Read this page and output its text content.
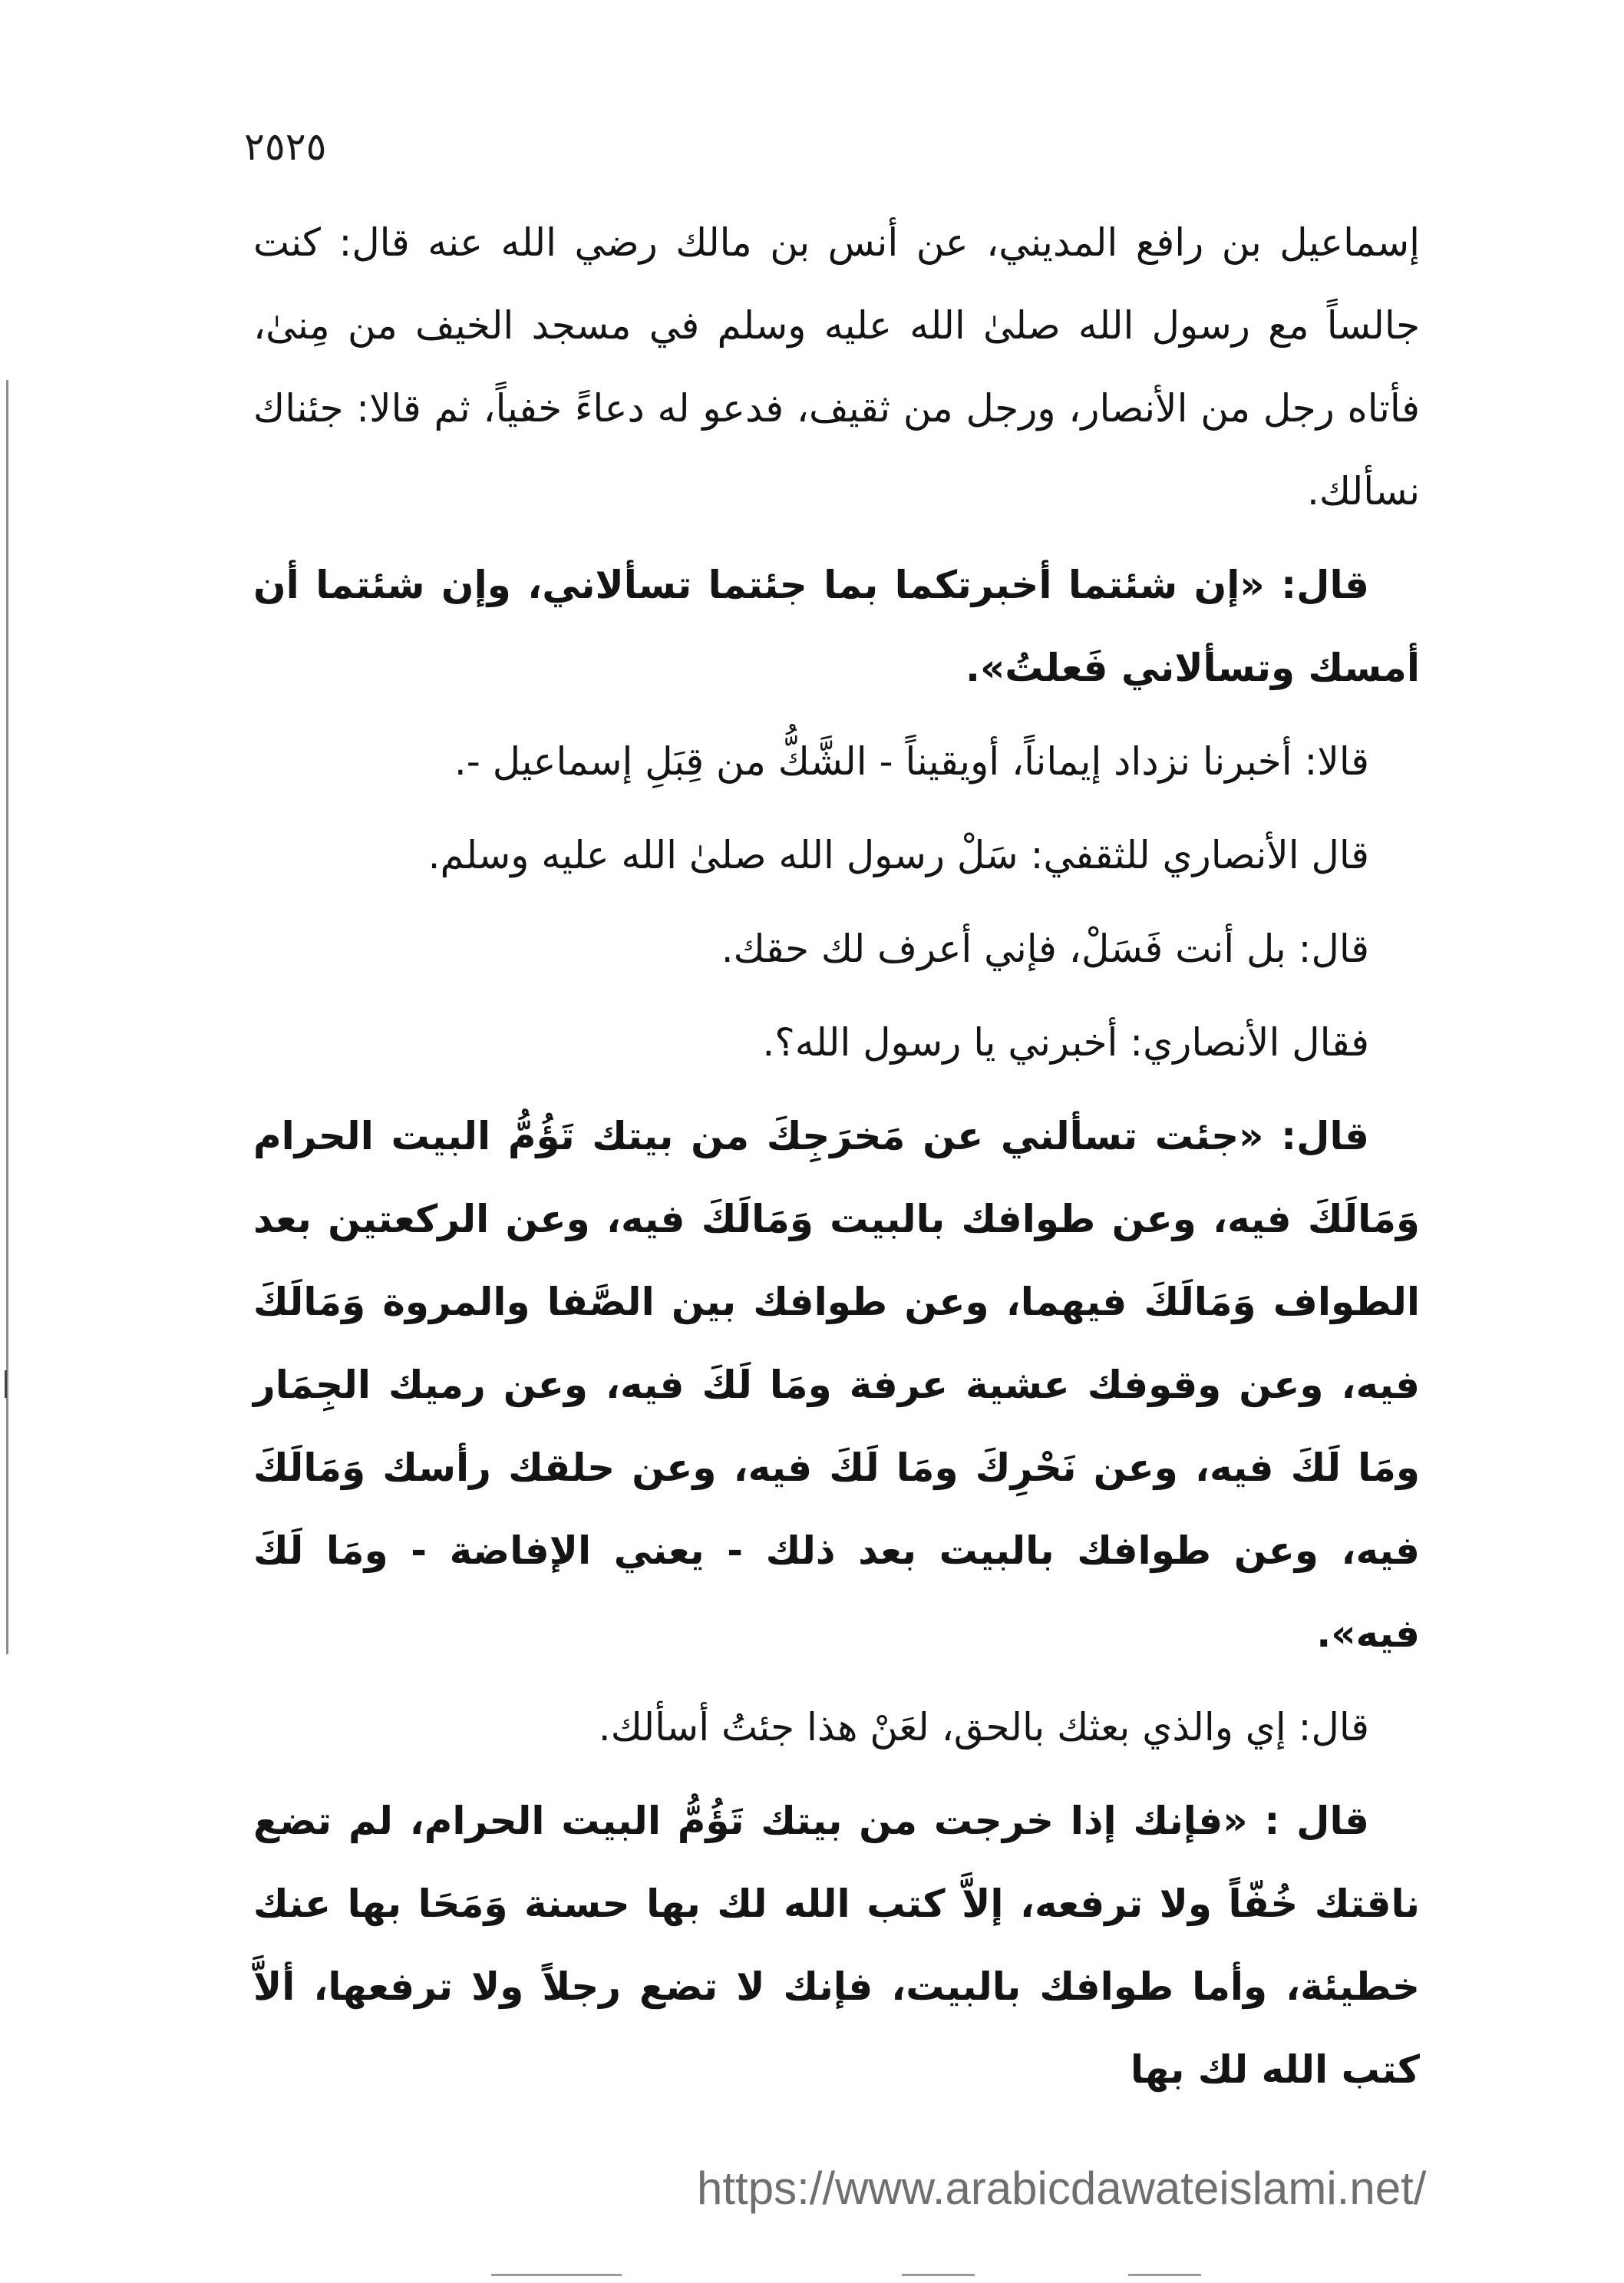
٢٥٢٥

إسماعيل بن رافع المديني، عن أنس بن مالك رضي الله عنه قال: كنت جالساً مع رسول الله صلىٰ الله عليه وسلم في مسجد الخيف من مِنىٰ، فأتاه رجل من الأنصار، ورجل من ثقيف، فدعو له دعاءً خفياً، ثم قالا: جئناك نسألك.

قال: «إن شئتما أخبرتكما بما جئتما تسألاني، وإن شئتما أن أمسك وتسألاني فَعلتُ».

قالا: أخبرنا نزداد إيماناً، أويقيناً - الشَّكُّ من قِبَلِ إسماعيل -.

قال الأنصاري للثقفي: سَلْ رسول الله صلىٰ الله عليه وسلم.

قال: بل أنت فَسَلْ، فإني أعرف لك حقك.

فقال الأنصاري: أخبرني يا رسول الله؟.

قال: «جئت تسألني عن مَخرَجِكَ من بيتك تَؤُمُّ البيت الحرام وَمَالَكَ فيه، وعن طوافك بالبيت وَمَالَكَ فيه، وعن الركعتين بعد الطواف وَمَالَكَ فيهما، وعن طوافك بين الصَّفا والمروة وَمَالَكَ فيه، وعن وقوفك عشية عرفة ومَا لَكَ فيه، وعن رميك الجِمَار ومَا لَكَ فيه، وعن نَحْرِكَ ومَا لَكَ فيه، وعن حلقك رأسك وَمَالَكَ فيه، وعن طوافك بالبيت بعد ذلك - يعني الإفاضة - ومَا لَكَ فيه».

قال: إي والذي بعثك بالحق، لعَنْ هذا جئتُ أسألك.

قال : «فإنك إذا خرجت من بيتك تَؤُمُّ البيت الحرام، لم تضع ناقتك خُفّاً ولا ترفعه، إلاَّ كتب الله لك بها حسنة وَمَحَا بها عنك خطيئة، وأما طوافك بالبيت، فإنك لا تضع رجلاً ولا ترفعها، ألاَّ كتب الله لك بها

https://www.arabicdawateislami.net/
